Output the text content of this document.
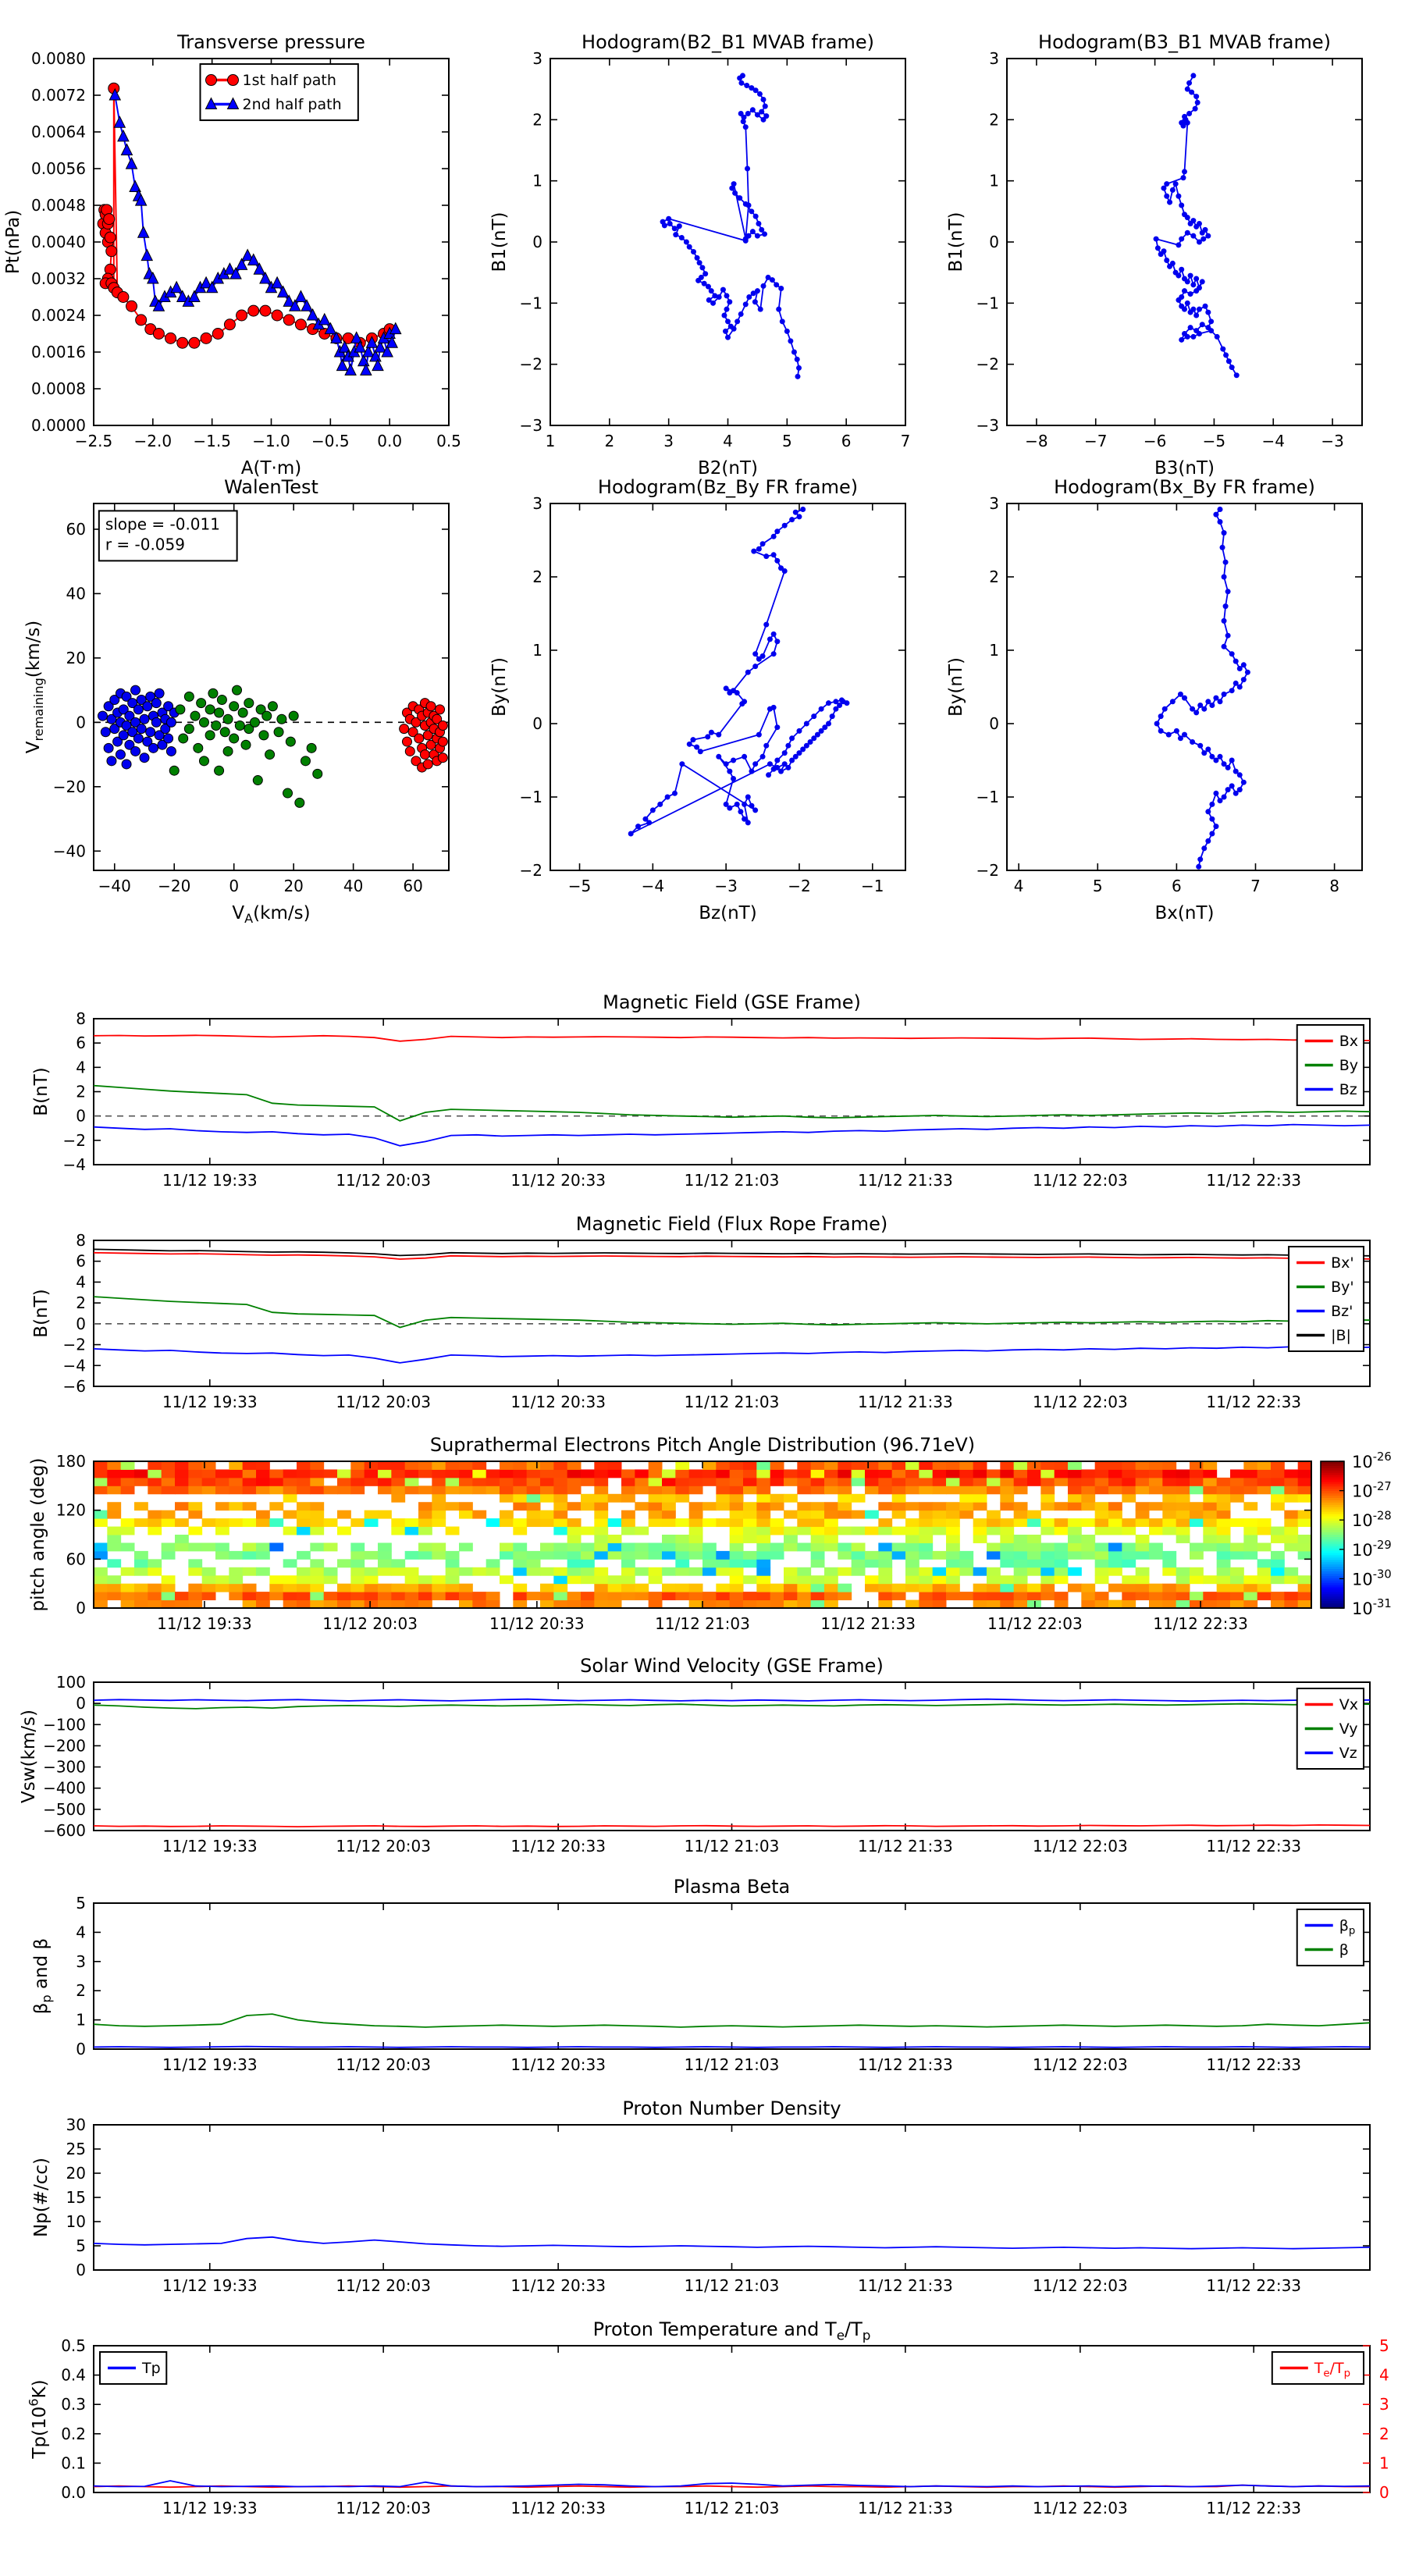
−2.5 −2.0 −1.5 −1.0 −0.5 0.0 0.5
0.0000
0.0008
0.0016
0.0024
0.0032
0.0040
0.0048
0.0056
0.0064
0.0072
0.0080
1st half path
2nd half path
Transverse pressure
A(T·m)
Pt(nPa)
1	2	3	4	5	6	7
−3
−2
−1
0
1
2
3
Hodogram(B2_B1 MVAB frame)
B2(nT)
B1(nT)
−8 −7 −6 −5 −4 −3
−3
−2
−1
0
1
2
3
Hodogram(B3_B1 MVAB frame)
B3(nT)
B1(nT)
−40 −20 0	20	40	60
−40
−20
0
20
40
60 slope = -0.011
r = -0.059
WalenTest
$V_A(km/s)$
$V_{remaining}(km/s)$
−5	−4	−3	−2	−1
−2
−1
0
1
2
3
Hodogram(Bz_By FR frame)
Bz(nT)
By(nT)
4	5	6	7	8
−2
−1
0
1
2
3
Hodogram(Bx_By FR frame)
Bx(nT)
By(nT)
11/12 19:33	11/12 20:03	11/12 20:33	11/12 21:03	11/12 21:33	11/12 22:03	11/12 22:33
−4
−2
0
2
4
6
8
Bx
By
Bz
Magnetic Field (GSE Frame)
B(nT)
11/12 19:33	11/12 20:03	11/12 20:33	11/12 21:03	11/12 21:33	11/12 22:03	11/12 22:33
−6
−4
−2
0
2
4
6
8
Bx'
By'
Bz'
|B|
Magnetic Field (Flux Rope Frame)
B(nT)
11/12 19:33	11/12 20:03	11/12 20:33	11/12 21:03	11/12 21:33	11/12 22:03	11/12 22:33
0
60
120
180
Suprathermal Electrons Pitch Angle Distribution (96.71eV)
pitch angle (deg)	$10^{-26}$
$10^{-27}$
$10^{-28}$
$10^{-29}$
$10^{-30}$
$10^{-31}$
11/12 19:33	11/12 20:03	11/12 20:33	11/12 21:03	11/12 21:33	11/12 22:03	11/12 22:33
−600
−500
−400
−300
−200
−100
0
100
Vx
Vy
Vz
Solar Wind Velocity (GSE Frame)
Vsw(km/s)
11/12 19:33	11/12 20:03	11/12 20:33	11/12 21:03	11/12 21:33	11/12 22:03	11/12 22:33
0
1
2
3
4
5
$\beta_p$
β
Plasma Beta
$\beta_p$ and β
11/12 19:33	11/12 20:03	11/12 20:33	11/12 21:03	11/12 21:33	11/12 22:03	11/12 22:33
0
5
10
15
20
25
30
Proton Number Density
Np(#/cc)
11/12 19:33	11/12 20:03	11/12 20:33	11/12 21:03	11/12 21:33	11/12 22:03	11/12 22:33
0.0
0.1
0.2
0.3
0.4
0.5
0
1
2
3
4
5
Tp	$T_e/T_p$
Proton Temperature and $T_e/T_p$
$Tp(10^6K)$
